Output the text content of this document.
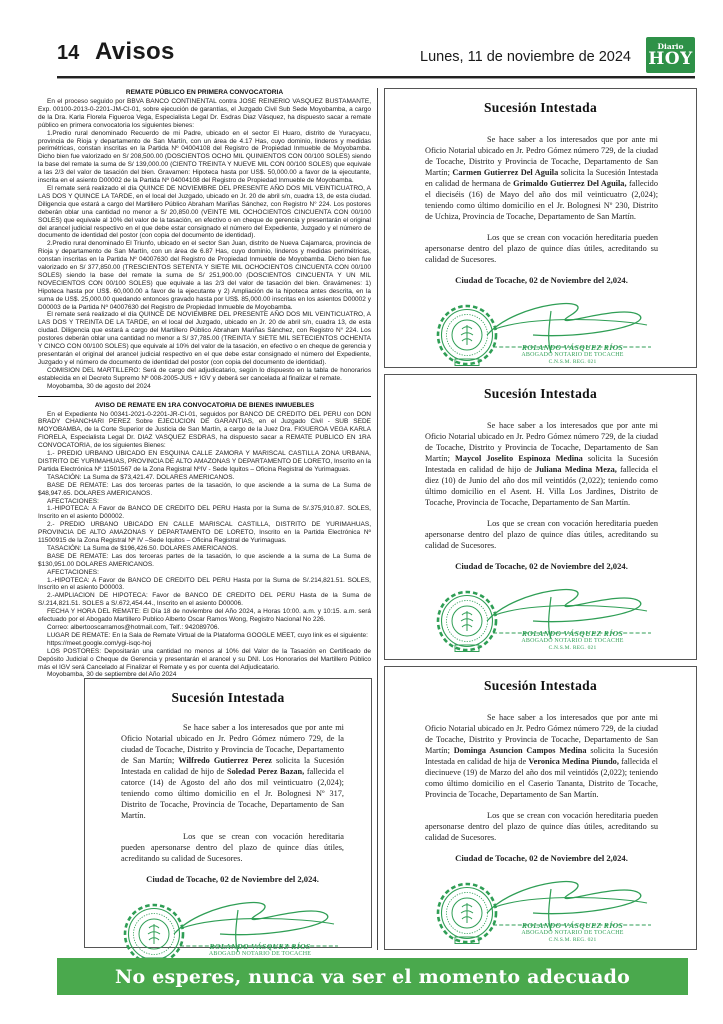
14 Avisos	Lunes, 11 de noviembre de 2024
Diario
HOY

REMATE PÚBLICO EN PRIMERA CONVOCATORIA

En el proceso seguido por BBVA BANCO CONTINENTAL contra JOSE REINERIO VASQUEZ BUSTAMANTE, Exp. 00100-2013-0-2201-JM-CI-01, sobre ejecución de garantías, el Juzgado Civil Sub Sede Moyobamba, a cargo de la Dra. Karla Florela Figueroa Vega, Especialista Legal Dr. Esdras Diaz Vásquez, ha dispuesto sacar a remate público en primera convocatoria los siguientes bienes:

1.Predio rural denominado Recuerdo de mi Padre, ubicado en el sector El Huaro, distrito de Yuracyacu, provincia de Rioja y departamento de San Martín, con un área de 4.17 Has, cuyo dominio, linderos y medidas perimétricas, constan inscritas en la Partida Nº 04004108 del Registro de Propiedad Inmueble de Moyobamba. Dicho bien fue valorizado en S/ 208,500.00 (DOSCIENTOS OCHO MIL QUINIENTOS CON 00/100 SOLES) siendo la base del remate la suma de S/ 139,000.00 (CIENTO TREINTA Y NUEVE MIL CON 00/100 SOLES) que equivale a las 2/3 del valor de tasación del bien. Gravamen: Hipoteca hasta por US$. 50,000.00 a favor de la ejecutante, inscrita en el asiento D00002 de la Partida Nº 04004108 del Registro de Propiedad Inmueble de Moyobamba.

El remate será realizado el día QUINCE DE NOVIEMBRE DEL PRESENTE AÑO DOS MIL VEINTICUATRO, A LAS DOS Y QUINCE LA TARDE, en el local del Juzgado, ubicado en Jr. 20 de abril s/n, cuadra 13, de esta ciudad. Diligencia que estará a cargo del Martillero Público Abraham Mariñas Sánchez, con Registro N° 224. Los postores deberán oblar una cantidad no menor a S/ 20,850.00 (VEINTE MIL OCHOCIENTOS CINCUENTA CON 00/100 SOLES) que equivale al 10% del valor de la tasación, en efectivo o en cheque de gerencia y presentarán el original del arancel judicial respectivo en el que debe estar consignado el número del Expediente, Juzgado y el número de documento de identidad del postor (con copia del documento de identidad).

2.Predio rural denominado El Triunfo, ubicado en el sector San Juan, distrito de Nueva Cajamarca, provincia de Rioja y departamento de San Martín, con un área de 6.87 Has, cuyo dominio, linderos y medidas perimétricas, constan inscritas en la Partida Nº 04007630 del Registro de Propiedad Inmueble de Moyobamba. Dicho bien fue valorizado en S/ 377,850.00 (TRESCIENTOS SETENTA Y SIETE MIL OCHOCIENTOS CINCUENTA CON 00/100 SOLES) siendo la base del remate la suma de S/ 251,900.00 (DOSCIENTOS CINCUENTA Y UN MIL NOVECIENTOS CON 00/100 SOLES) que equivale a las 2/3 del valor de tasación del bien. Gravámenes: 1) Hipoteca hasta por US$. 60,000.00 a favor de la ejecutante y 2) Ampliación de la hipoteca antes descrita, en la suma de US$. 25,000.00 quedando entonces gravado hasta por US$. 85,000.00 inscritas en los asientos D00002 y D00003 de la Partida Nº 04007630 del Registro de Propiedad Inmueble de Moyobamba.

El remate será realizado el día QUINCE DE NOVIEMBRE DEL PRESENTE AÑO DOS MIL VEINTICUATRO, A LAS DOS Y TREINTA DE LA TARDE, en el local del Juzgado, ubicado en Jr. 20 de abril s/n, cuadra 13, de esta ciudad. Diligencia que estará a cargo del Martillero Público Abraham Mariñas Sánchez, con Registro N° 224. Los postores deberán oblar una cantidad no menor a S/ 37,785.00 (TREINTA Y SIETE MIL SETECIENTOS OCHENTA Y CINCO CON 00/100 SOLES) que equivale al 10% del valor de la tasación, en efectivo o en cheque de gerencia y presentarán el original del arancel judicial respectivo en el que debe estar consignado el número del Expediente, Juzgado y el número de documento de identidad del postor (con copia del documento de identidad).

COMISION DEL MARTILLERO: Será de cargo del adjudicatario, según lo dispuesto en la tabla de honorarios establecida en el Decreto Supremo Nº 008-2005-JUS + IGV y deberá ser cancelada al finalizar el remate.

Moyobamba, 30 de agosto del 2024

AVISO DE REMATE EN 1RA CONVOCATORIA DE BIENES INMUEBLES

En el Expediente No 00341-2021-0-2201-JR-CI-01, seguidos por BANCO DE CREDITO DEL PERU con DON BRADY CHANCHARI PEREZ Sobre EJECUCION DE GARANTIAS, en el Juzgado Civil - SUB SEDE MOYOBAMBA, de la Corte Superior de Justicia de San Martín, a cargo de la Juez Dra. FIGUEROA VEGA KARLA FIORELA, Especialista Legal Dr. DIAZ VASQUEZ ESDRAS, ha dispuesto sacar a REMATE PUBLICO EN 1RA CONVOCATORIA, de los siguientes Bienes:

1.- PREDIO URBANO UBICADO EN ESQUINA CALLE ZAMORA Y MARISCAL CASTILLA ZONA URBANA, DISTRITO DE YURIMAHUAS, PROVINCIA DE ALTO AMAZONAS Y DEPARTAMENTO DE LORETO, Inscrito en la Partida Electrónica Nº 11501567 de la Zona Registral NºIV - Sede Iquitos – Oficina Registral de Yurimaguas.

TASACIÓN: La Suma de $73,421.47. DOLARES AMERICANOS.

BASE DE REMATE: Las dos terceras partes de la tasación, lo que asciende a la suma de La Suma de $48,947.65. DOLARES AMERICANOS.

AFECTACIONES:

1.-HIPOTECA: A Favor de BANCO DE CREDITO DEL PERU Hasta por la Suma de S/.375,910.87. SOLES, Inscrito en el asiento D00002.

2.- PREDIO URBANO UBICADO EN CALLE MARISCAL CASTILLA, DISTRITO DE YURIMAHUAS, PROVINCIA DE ALTO AMAZONAS Y DEPARTAMENTO DE LORETO, Inscrito en la Partida Electrónica Nº 11500915 de la Zona Registral Nº IV –Sede Iquitos – Oficina Registral de Yurimaguas.

TASACIÓN: La Suma de $196,426.50. DOLARES AMERICANOS.

BASE DE REMATE: Las dos terceras partes de la tasación, lo que asciende a la suma de La Suma de $130,951.00 DOLARES AMERICANOS.

AFECTACIONES:

1.-HIPOTECA: A Favor de BANCO DE CREDITO DEL PERU Hasta por la Suma de S/.214,821.51. SOLES, Inscrito en el asiento D00003.

2.-AMPLIACION DE HIPOTECA: Favor de BANCO DE CREDITO DEL PERU Hasta de la Suma de S/.214,821.51. SOLES a S/.672,454.44., Inscrito en el asiento D00006.

FECHA Y HORA DEL REMATE: El Día 18 de noviembre del Año 2024, a Horas 10:00. a.m. y 10:15. a.m. será efectuado por el Abogado Martillero Publico Alberto Oscar Ramos Wong, Registro Nacional No 226.

Correo: albertooscarramos@hotmail.com, Telf.: 942089706.

LUGAR DE REMATE: En la Sala de Remate Virtual de la Plataforma GOOGLE MEET, cuyo link es el siguiente:

https://meet.google.com/ygi-isqc-hoj

LOS POSTORES: Depositarán una cantidad no menos al 10% del Valor de la Tasación en Certificado de Depósito Judicial o Cheque de Gerencia y presentarán el arancel y su DNI. Los Honorarios del Martillero Público más el IGV será Cancelado al Finalizar el Remate y es por cuenta del Adjudicatario.

Moyobamba, 30 de septiembre del Año 2024

Sucesión Intestada

Se hace saber a los interesados que por ante mi Oficio Notarial ubicado en Jr. Pedro Gómez número 729, de la ciudad de Tocache, Distrito y Provincia de Tocache, Departamento de San Martín; Wilfredo Gutierrez Perez solicita la Sucesión Intestada en calidad de hijo de Soledad Perez Bazan, fallecida el catorce (14) de Agosto del año dos mil veinticuatro (2,024); teniendo como último domicilio en el Jr. Bolognesi Nº 317, Distrito de Tocache, Provincia de Tocache, Departamento de San Martín.

Los que se crean con vocación hereditaria pueden apersonarse dentro del plazo de quince días útiles, acreditando su calidad de Sucesores.

Ciudad de Tocache, 02 de Noviembre del 2,024.

ROLANDO VÁSQUEZ RÍOS
ABOGADO NOTARIO DE TOCACHE

Sucesión Intestada

Se hace saber a los interesados que por ante mi Oficio Notarial ubicado en Jr. Pedro Gómez número 729, de la ciudad de Tocache, Distrito y Provincia de Tocache, Departamento de San Martín; Carmen Gutierrez Del Aguila solicita la Sucesión Intestada en calidad de hermana de Grimaldo Gutierrez Del Aguila, fallecido el dieciséis (16) de Mayo del año dos mil veinticuatro (2,024); teniendo como último domicilio en el Jr. Bolognesi Nº 230, Distrito de Uchiza, Provincia de Tocache, Departamento de San Martín.

Los que se crean con vocación hereditaria pueden apersonarse dentro del plazo de quince días útiles, acreditando su calidad de Sucesores.

Ciudad de Tocache, 02 de Noviembre del 2,024.

ROLANDO VÁSQUEZ RÍOS
ABOGADO NOTARIO DE TOCACHE
C.N.S.M. REG. 021

Sucesión Intestada

Se hace saber a los interesados que por ante mi Oficio Notarial ubicado en Jr. Pedro Gómez número 729, de la ciudad de Tocache, Distrito y Provincia de Tocache, Departamento de San Martín; Maycol Joselito Espinoza Medina solicita la Sucesión Intestada en calidad de hijo de Juliana Medina Meza, fallecida el diez (10) de Junio del año dos mil veintidós (2,022); teniendo como último domicilio en el Asent. H. Villa Los Jardines, Distrito de Tocache, Provincia de Tocache, Departamento de San Martín.

Los que se crean con vocación hereditaria pueden apersonarse dentro del plazo de quince días útiles, acreditando su calidad de Sucesores.

Ciudad de Tocache, 02 de Noviembre del 2,024.

ROLANDO VÁSQUEZ RÍOS
ABOGADO NOTARIO DE TOCACHE
C.N.S.M. REG. 021

Sucesión Intestada

Se hace saber a los interesados que por ante mi Oficio Notarial ubicado en Jr. Pedro Gómez número 729, de la ciudad de Tocache, Distrito y Provincia de Tocache, Departamento de San Martín; Dominga Asuncion Campos Medina solicita la Sucesión Intestada en calidad de hija de Veronica Medina Piundo, fallecida el diecinueve (19) de Marzo del año dos mil veintidós (2,022); teniendo como último domicilio en el Caserio Tananta, Distrito de Tocache, Provincia de Tocache, Departamento de San Martín.

Los que se crean con vocación hereditaria pueden apersonarse dentro del plazo de quince días útiles, acreditando su calidad de Sucesores.

Ciudad de Tocache, 02 de Noviembre del 2,024.

ROLANDO VÁSQUEZ RÍOS
ABOGADO NOTARIO DE TOCACHE
C.N.S.M. REG. 021
No esperes, nunca va ser el momento adecuado
